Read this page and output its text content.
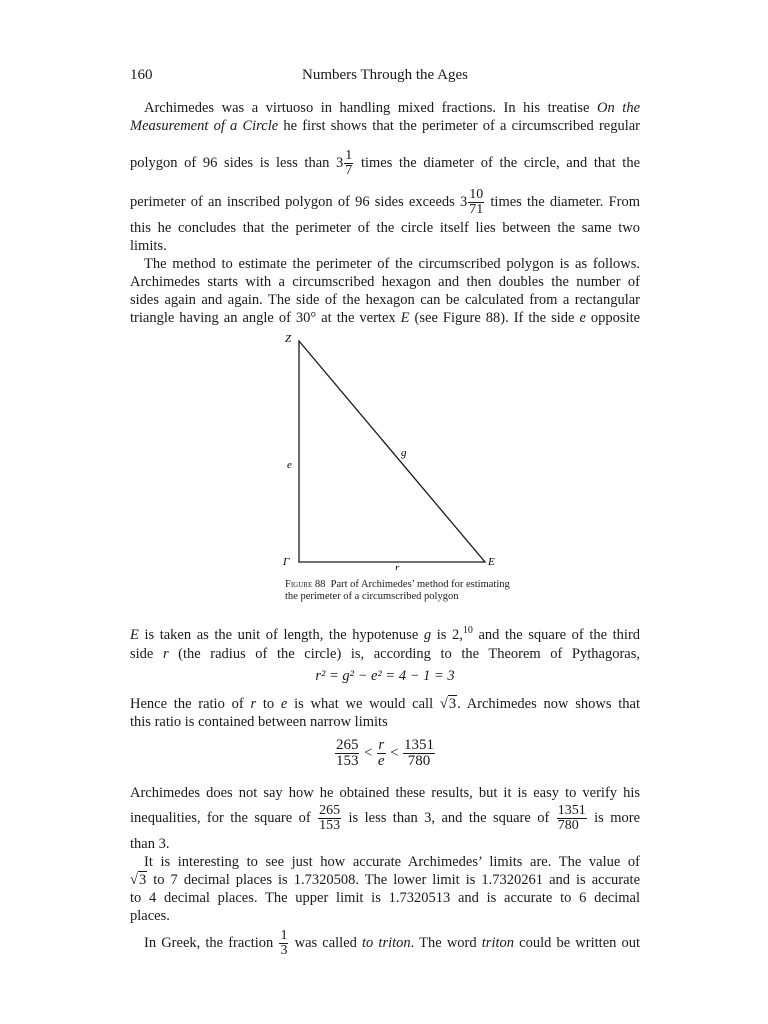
160	Numbers Through the Ages
Archimedes was a virtuoso in handling mixed fractions. In his treatise On the
Measurement of a Circle he first shows that the perimeter of a circumscribed regular
polygon of 96 sides is less than $3 \frac{1}{7}$ times the diameter of the circle, and that the
perimeter of an inscribed polygon of 96 sides exceeds $3 \frac{10}{71}$ times the diameter. From
this he concludes that the perimeter of the circle itself lies between the same two
limits.
The method to estimate the perimeter of the circumscribed polygon is as follows.
Archimedes starts with a circumscribed hexagon and then doubles the number of
sides again and again. The side of the hexagon can be calculated from a rectangular
triangle having an angle of 30° at the vertex E (see Figure 88). If the side e opposite
Z
Γ	E
e
g
r
Figure 88 Part of Archimedes’ method for estimating the perimeter of a circumscribed polygon
E is taken as the unit of length, the hypotenuse g is 2,10 and the square of the third
side r (the radius of the circle) is, according to the Theorem of Pythagoras,
r² = g² − e² = 4 − 1 = 3
Hence the ratio of r to e is what we would call √3. Archimedes now shows that
this ratio is contained between narrow limits
$\frac{265}{153} < \frac{r}{e} < \frac{1351}{780}$
Archimedes does not say how he obtained these results, but it is easy to verify his
inequalities, for the square of $\frac{265}{153}$ is less than 3, and the square of $\frac{1351}{780}$ is more
than 3.
It is interesting to see just how accurate Archimedes’ limits are. The value of
√3 to 7 decimal places is 1.7320508. The lower limit is 1.7320261 and is accurate
to 4 decimal places. The upper limit is 1.7320513 and is accurate to 6 decimal
places.
In Greek, the fraction $\frac{1}{3}$ was called to triton. The word triton could be written out
